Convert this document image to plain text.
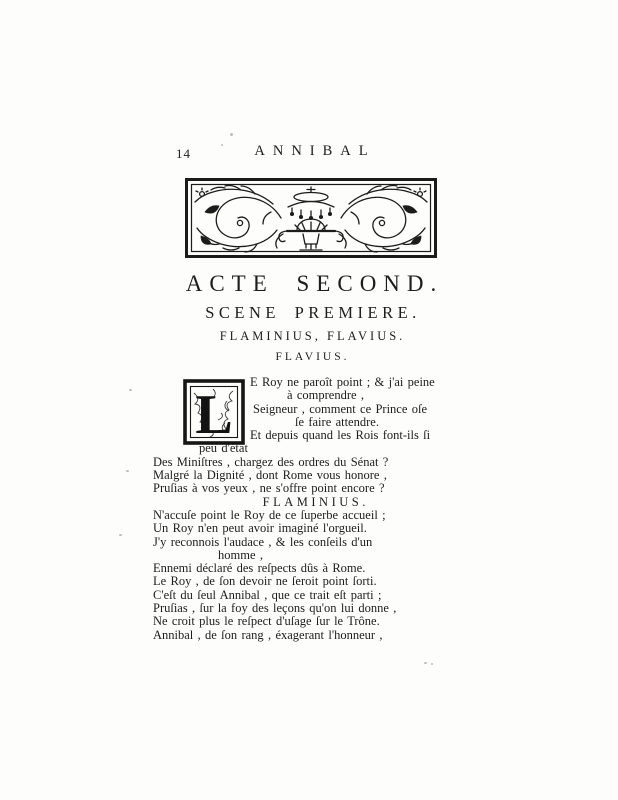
14	ANNIBAL
ACTE SECOND.
SCENE PREMIERE.
FLAMINIUS, FLAVIUS.
FLAVIUS.
L
E Roy ne paroît point ; & j'ai peine
à comprendre ,
Seigneur , comment ce Prince oſe
ſe faire attendre.
Et depuis quand les Rois font-ils ſi
peu d'état
Des Miniſtres , chargez des ordres du Sénat ?
Malgré la Dignité , dont Rome vous honore ,
Pruſias à vos yeux , ne s'offre point encore ?
FLAMINIUS.
N'accuſe point le Roy de ce ſuperbe accueil ;
Un Roy n'en peut avoir imaginé l'orgueil.
J'y reconnois l'audace , & les conſeils d'un
homme ,
Ennemi déclaré des reſpects dûs à Rome.
Le Roy , de ſon devoir ne ſeroit point ſorti.
C'eſt du ſeul Annibal , que ce trait eſt parti ;
Pruſias , ſur la foy des leçons qu'on lui donne ,
Ne croit plus le reſpect d'uſage ſur le Trône.
Annibal , de ſon rang , éxagerant l'honneur ,
